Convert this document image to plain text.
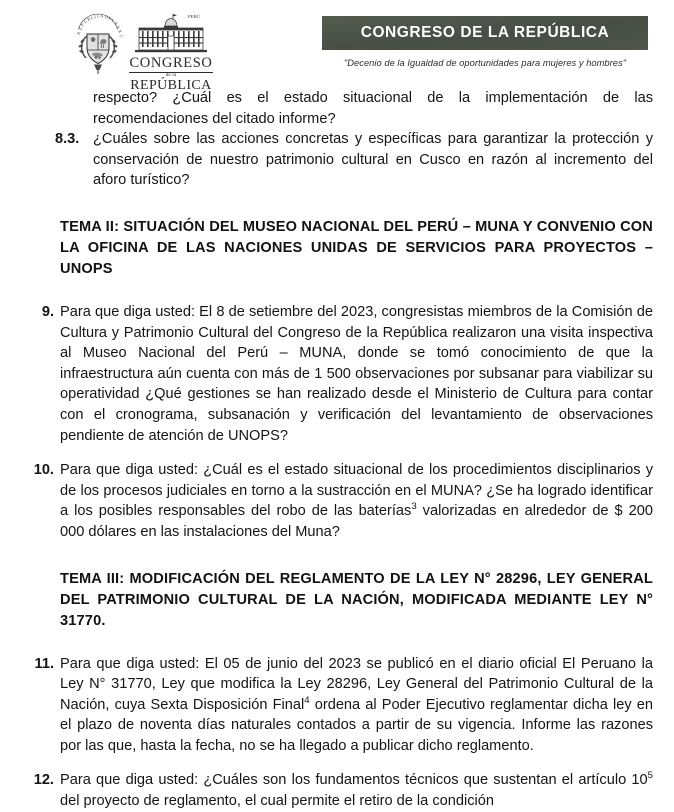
R
E
P
Ú
B
L I C A D E
L
P
E
R
Ú
PERÚ
CONGRESO
de la
REPÚBLICA
CONGRESO DE LA REPÚBLICA
"Decenio de la Igualdad de oportunidades para mujeres y hombres"
respecto? ¿Cuál es el estado situacional de la implementación de las recomendaciones del citado informe?
8.3. ¿Cuáles sobre las acciones concretas y específicas para garantizar la protección y conservación de nuestro patrimonio cultural en Cusco en razón al incremento del aforo turístico?
TEMA II: SITUACIÓN DEL MUSEO NACIONAL DEL PERÚ – MUNA Y CONVENIO CON LA OFICINA DE LAS NACIONES UNIDAS DE SERVICIOS PARA PROYECTOS – UNOPS
9. Para que diga usted: El 8 de setiembre del 2023, congresistas miembros de la Comisión de Cultura y Patrimonio Cultural del Congreso de la República realizaron una visita inspectiva al Museo Nacional del Perú – MUNA, donde se tomó conocimiento de que la infraestructura aún cuenta con más de 1 500 observaciones por subsanar para viabilizar su operatividad ¿Qué gestiones se han realizado desde el Ministerio de Cultura para contar con el cronograma, subsanación y verificación del levantamiento de observaciones pendiente de atención de UNOPS?
10. Para que diga usted: ¿Cuál es el estado situacional de los procedimientos disciplinarios y de los procesos judiciales en torno a la sustracción en el MUNA? ¿Se ha logrado identificar a los posibles responsables del robo de las baterías$^3$ valorizadas en alrededor de $ 200 000 dólares en las instalaciones del Muna?
TEMA III: MODIFICACIÓN DEL REGLAMENTO DE LA LEY N° 28296, LEY GENERAL DEL PATRIMONIO CULTURAL DE LA NACIÓN, MODIFICADA MEDIANTE LEY N° 31770.
11. Para que diga usted: El 05 de junio del 2023 se publicó en el diario oficial El Peruano la Ley N° 31770, Ley que modifica la Ley 28296, Ley General del Patrimonio Cultural de la Nación, cuya Sexta Disposición Final$^4$ ordena al Poder Ejecutivo reglamentar dicha ley en el plazo de noventa días naturales contados a partir de su vigencia. Informe las razones por las que, hasta la fecha, no se ha llegado a publicar dicho reglamento.
12. Para que diga usted: ¿Cuáles son los fundamentos técnicos que sustentan el artículo $10^5$ del proyecto de reglamento, el cual permite el retiro de la condición
